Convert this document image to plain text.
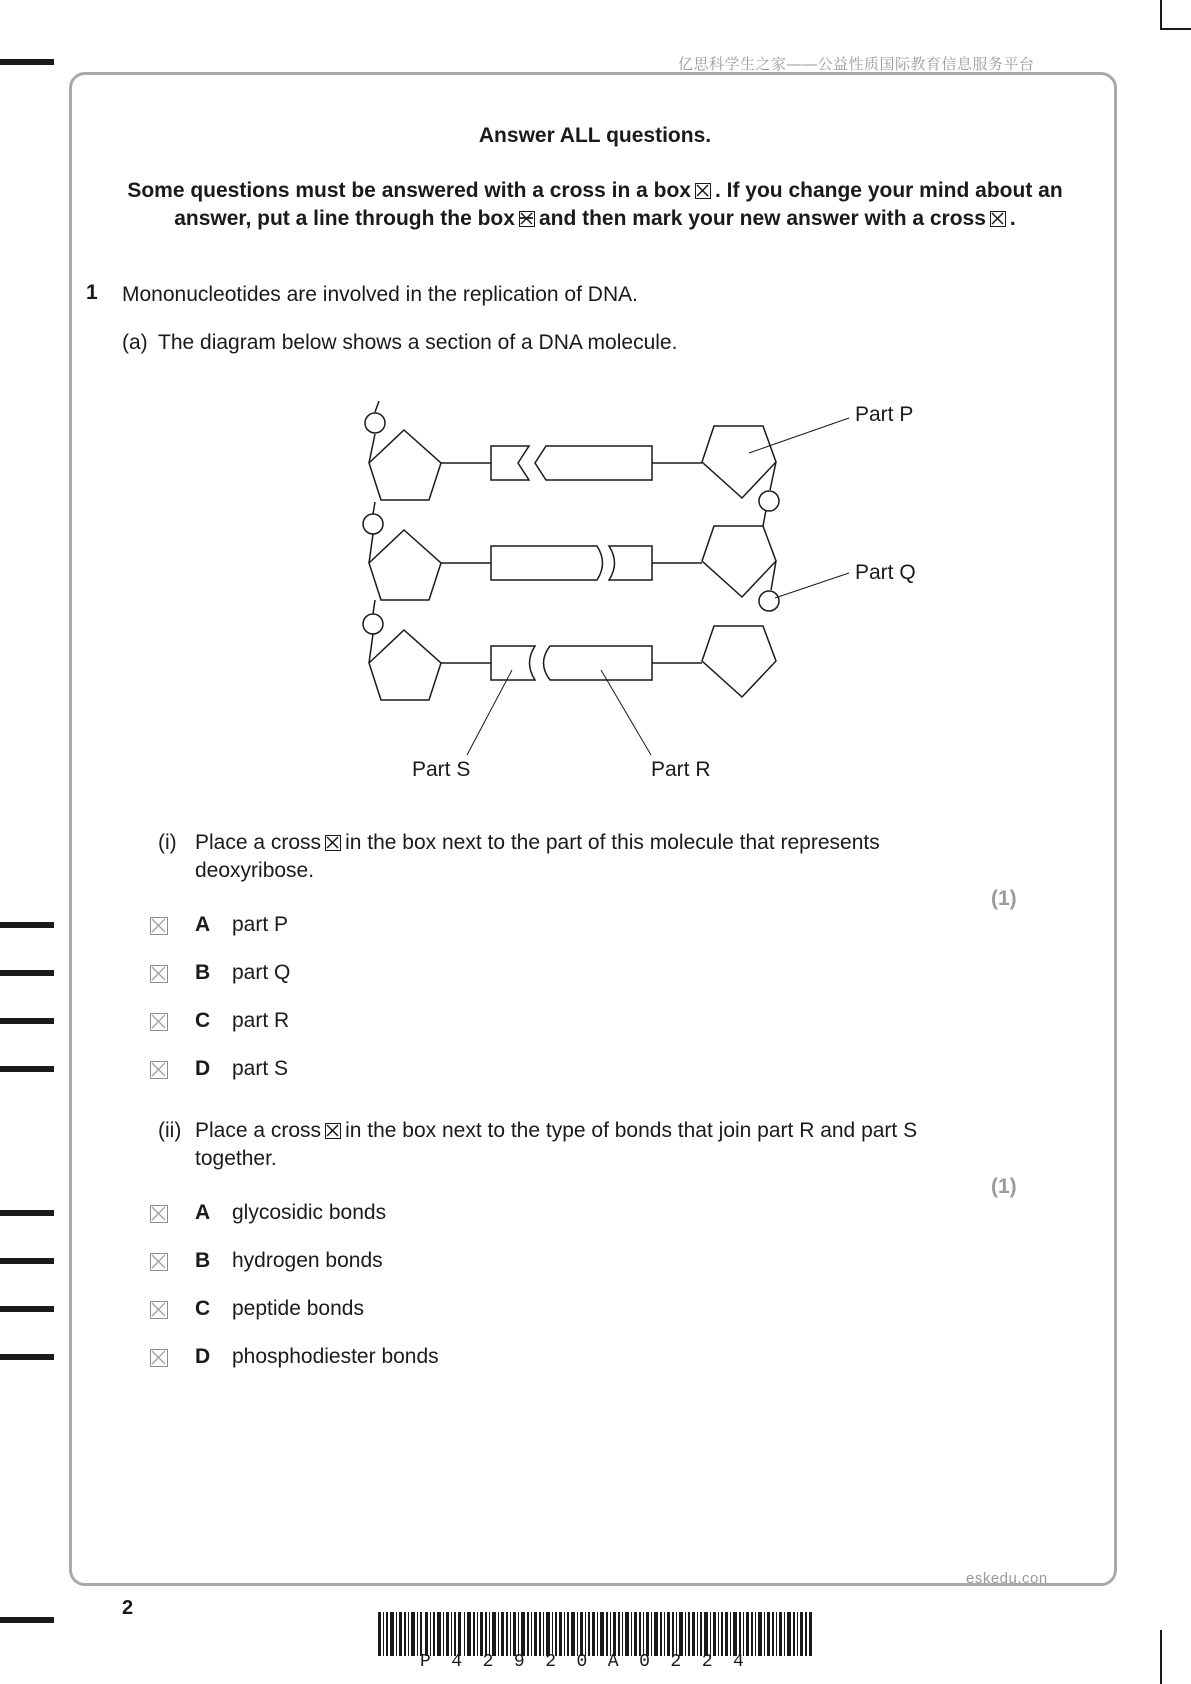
亿思科学生之家——公益性质国际教育信息服务平台
eskedu.con
Answer ALL questions.
Some questions must be answered with a cross in a box ☒ . If you change your mind about an
answer, put a line through the box and then mark your new answer with a cross ☒ .
1 Mononucleotides are involved in the replication of DNA.
(a) The diagram below shows a section of a DNA molecule.
Part P
Part Q
Part S	Part R
(i) Place a cross ☒ in the box next to the part of this molecule that represents
deoxyribose.
(1)
A part P
B part Q
C part R
D part S
(ii) Place a cross ☒ in the box next to the type of bonds that join part R and part S
together.
(1)
A glycosidic bonds
B hydrogen bonds
C peptide bonds
D phosphodiester bonds
2
P42920A0224
